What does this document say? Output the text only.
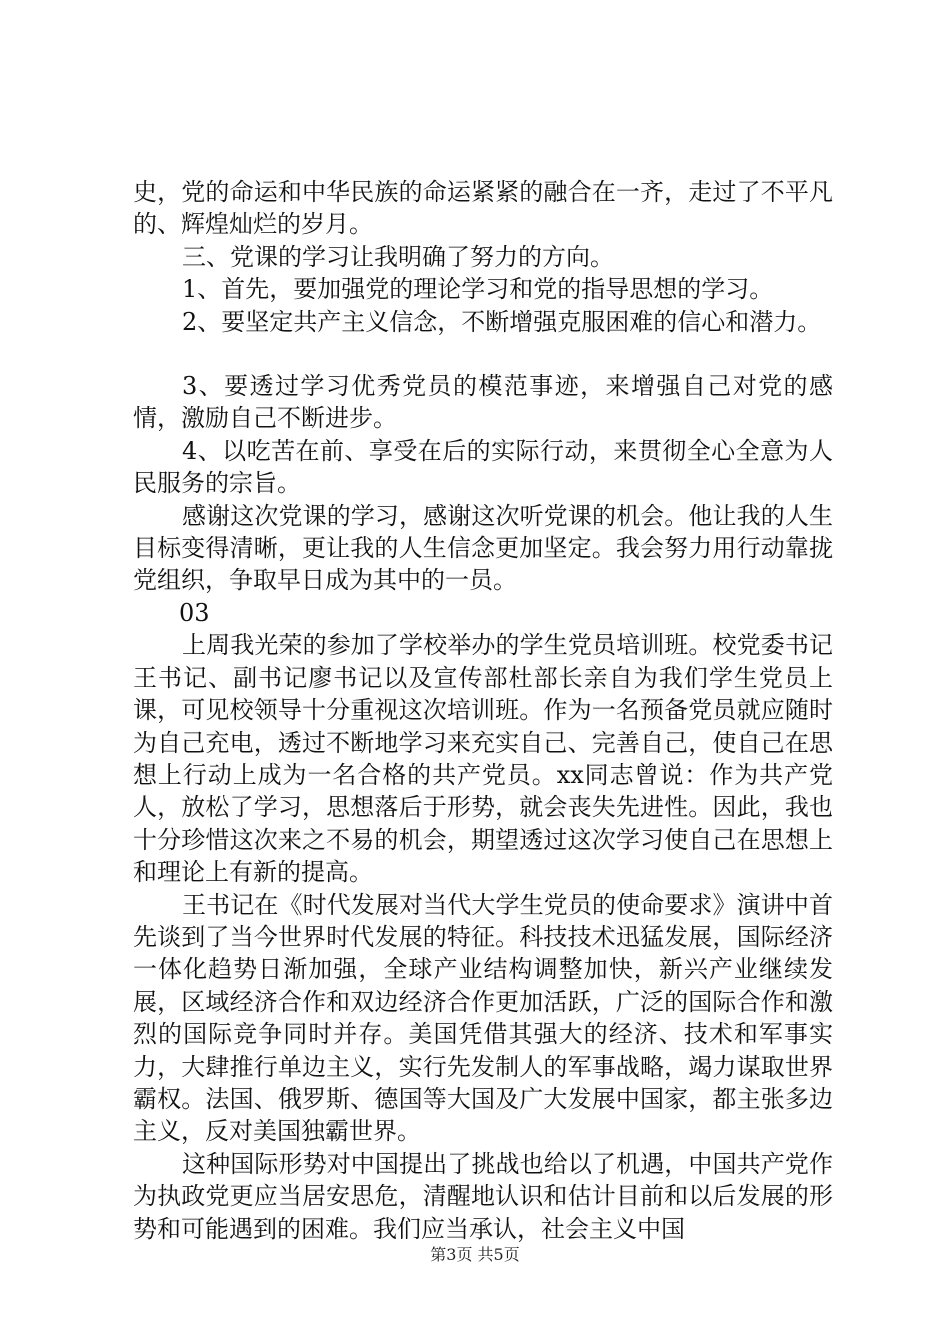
史，党的命运和中华民族的命运紧紧的融合在一齐，走过了不平凡的、辉煌灿烂的岁月。

三、党课的学习让我明确了努力的方向。

1、首先，要加强党的理论学习和党的指导思想的学习。

2、要坚定共产主义信念，不断增强克服困难的信心和潜力。

3、要透过学习优秀党员的模范事迹，来增强自己对党的感情，激励自己不断进步。

4、以吃苦在前、享受在后的实际行动，来贯彻全心全意为人民服务的宗旨。

感谢这次党课的学习，感谢这次听党课的机会。他让我的人生目标变得清晰，更让我的人生信念更加坚定。我会努力用行动靠拢党组织，争取早日成为其中的一员。

03

上周我光荣的参加了学校举办的学生党员培训班。校党委书记王书记、副书记廖书记以及宣传部杜部长亲自为我们学生党员上课，可见校领导十分重视这次培训班。作为一名预备党员就应随时为自己充电，透过不断地学习来充实自己、完善自己，使自己在思想上行动上成为一名合格的共产党员。xx同志曾说：作为共产党人，放松了学习，思想落后于形势，就会丧失先进性。因此，我也十分珍惜这次来之不易的机会，期望透过这次学习使自己在思想上和理论上有新的提高。

王书记在《时代发展对当代大学生党员的使命要求》演讲中首先谈到了当今世界时代发展的特征。科技技术迅猛发展，国际经济一体化趋势日渐加强，全球产业结构调整加快，新兴产业继续发展，区域经济合作和双边经济合作更加活跃，广泛的国际合作和激烈的国际竞争同时并存。美国凭借其强大的经济、技术和军事实力，大肆推行单边主义，实行先发制人的军事战略，竭力谋取世界霸权。法国、俄罗斯、德国等大国及广大发展中国家，都主张多边主义，反对美国独霸世界。

这种国际形势对中国提出了挑战也给以了机遇，中国共产党作为执政党更应当居安思危，清醒地认识和估计目前和以后发展的形势和可能遇到的困难。我们应当承认，社会主义中国

第3页 共5页
